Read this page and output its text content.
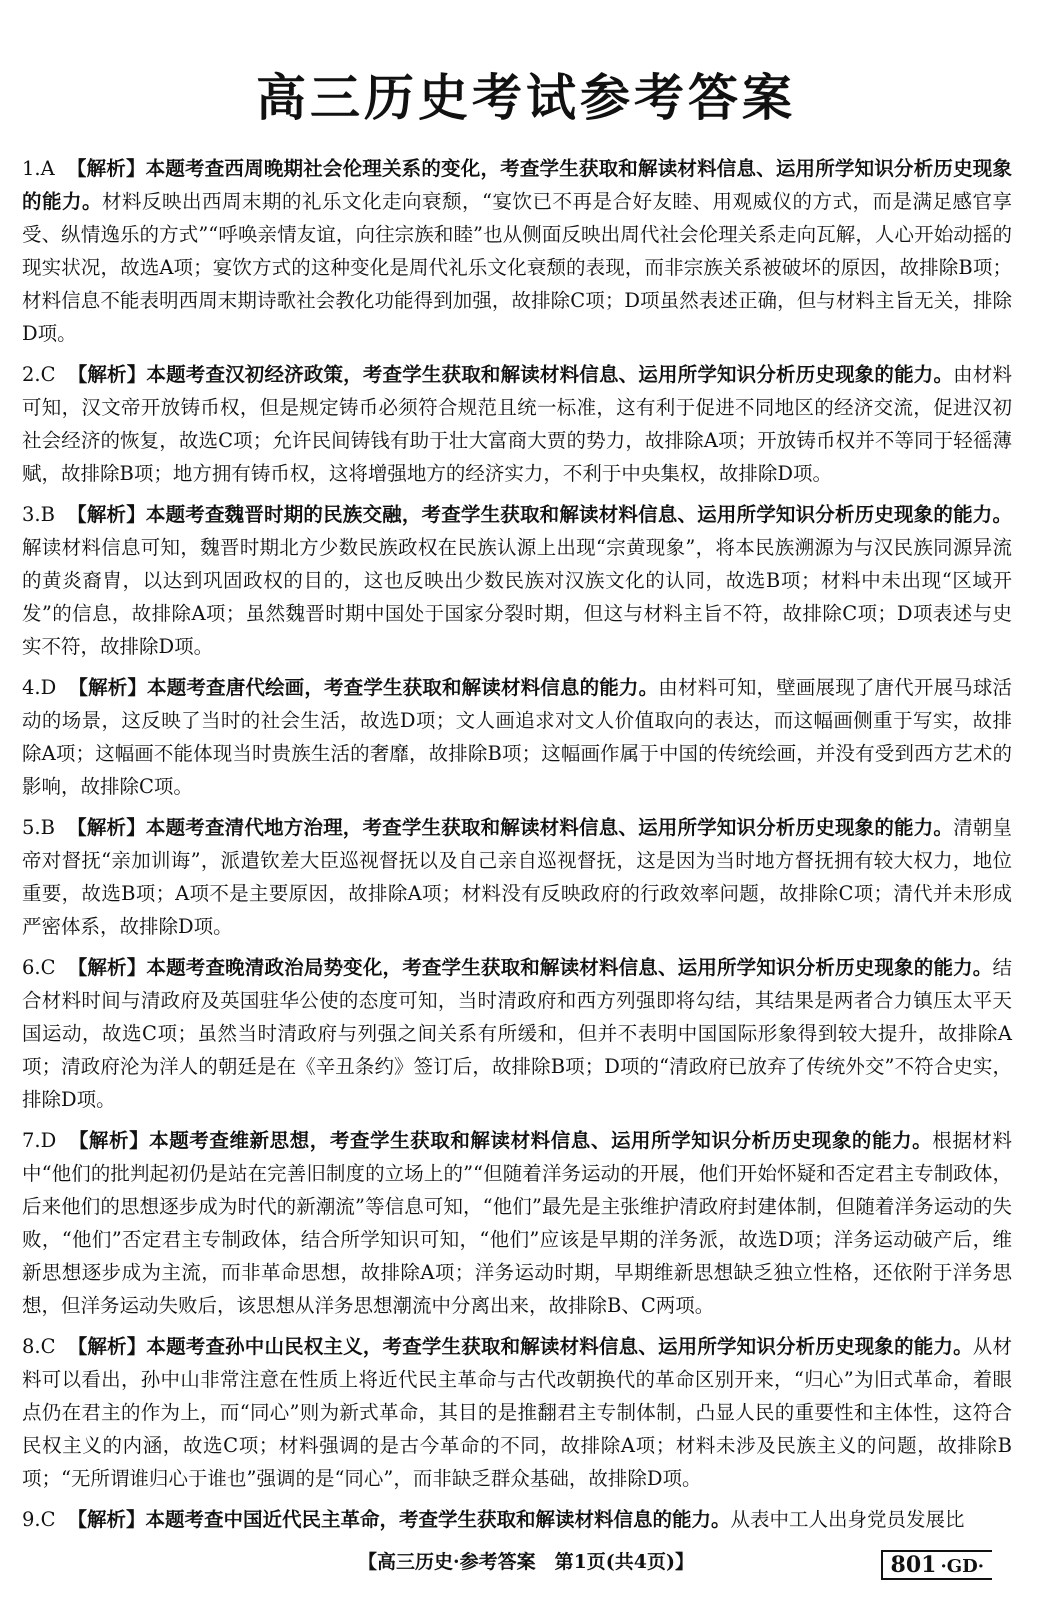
高三历史考试参考答案

1.A 【解析】本题考查西周晚期社会伦理关系的变化，考查学生获取和解读材料信息、运用所学知识分析历史现象的能力。材料反映出西周末期的礼乐文化走向衰颓，“宴饮已不再是合好友睦、用观威仪的方式，而是满足感官享受、纵情逸乐的方式”“呼唤亲情友谊，向往宗族和睦”也从侧面反映出周代社会伦理关系走向瓦解，人心开始动摇的现实状况，故选A项；宴饮方式的这种变化是周代礼乐文化衰颓的表现，而非宗族关系被破坏的原因，故排除B项；材料信息不能表明西周末期诗歌社会教化功能得到加强，故排除C项；D项虽然表述正确，但与材料主旨无关，排除D项。

2.C 【解析】本题考查汉初经济政策，考查学生获取和解读材料信息、运用所学知识分析历史现象的能力。由材料可知，汉文帝开放铸币权，但是规定铸币必须符合规范且统一标准，这有利于促进不同地区的经济交流，促进汉初社会经济的恢复，故选C项；允许民间铸钱有助于壮大富商大贾的势力，故排除A项；开放铸币权并不等同于轻徭薄赋，故排除B项；地方拥有铸币权，这将增强地方的经济实力，不利于中央集权，故排除D项。

3.B 【解析】本题考查魏晋时期的民族交融，考查学生获取和解读材料信息、运用所学知识分析历史现象的能力。解读材料信息可知，魏晋时期北方少数民族政权在民族认源上出现“宗黄现象”，将本民族溯源为与汉民族同源异流的黄炎裔胄，以达到巩固政权的目的，这也反映出少数民族对汉族文化的认同，故选B项；材料中未出现“区域开发”的信息，故排除A项；虽然魏晋时期中国处于国家分裂时期，但这与材料主旨不符，故排除C项；D项表述与史实不符，故排除D项。

4.D 【解析】本题考查唐代绘画，考查学生获取和解读材料信息的能力。由材料可知，壁画展现了唐代开展马球活动的场景，这反映了当时的社会生活，故选D项；文人画追求对文人价值取向的表达，而这幅画侧重于写实，故排除A项；这幅画不能体现当时贵族生活的奢靡，故排除B项；这幅画作属于中国的传统绘画，并没有受到西方艺术的影响，故排除C项。

5.B 【解析】本题考查清代地方治理，考查学生获取和解读材料信息、运用所学知识分析历史现象的能力。清朝皇帝对督抚“亲加训诲”，派遣钦差大臣巡视督抚以及自己亲自巡视督抚，这是因为当时地方督抚拥有较大权力，地位重要，故选B项；A项不是主要原因，故排除A项；材料没有反映政府的行政效率问题，故排除C项；清代并未形成严密体系，故排除D项。

6.C 【解析】本题考查晚清政治局势变化，考查学生获取和解读材料信息、运用所学知识分析历史现象的能力。结合材料时间与清政府及英国驻华公使的态度可知，当时清政府和西方列强即将勾结，其结果是两者合力镇压太平天国运动，故选C项；虽然当时清政府与列强之间关系有所缓和，但并不表明中国国际形象得到较大提升，故排除A项；清政府沦为洋人的朝廷是在《辛丑条约》签订后，故排除B项；D项的“清政府已放弃了传统外交”不符合史实，排除D项。

7.D 【解析】本题考查维新思想，考查学生获取和解读材料信息、运用所学知识分析历史现象的能力。根据材料中“他们的批判起初仍是站在完善旧制度的立场上的”“但随着洋务运动的开展，他们开始怀疑和否定君主专制政体，后来他们的思想逐步成为时代的新潮流”等信息可知，“他们”最先是主张维护清政府封建体制，但随着洋务运动的失败，“他们”否定君主专制政体，结合所学知识可知，“他们”应该是早期的洋务派，故选D项；洋务运动破产后，维新思想逐步成为主流，而非革命思想，故排除A项；洋务运动时期，早期维新思想缺乏独立性格，还依附于洋务思想，但洋务运动失败后，该思想从洋务思想潮流中分离出来，故排除B、C两项。

8.C 【解析】本题考查孙中山民权主义，考查学生获取和解读材料信息、运用所学知识分析历史现象的能力。从材料可以看出，孙中山非常注意在性质上将近代民主革命与古代改朝换代的革命区别开来，“归心”为旧式革命，着眼点仍在君主的作为上，而“同心”则为新式革命，其目的是推翻君主专制体制，凸显人民的重要性和主体性，这符合民权主义的内涵，故选C项；材料强调的是古今革命的不同，故排除A项；材料未涉及民族主义的问题，故排除B项；“无所谓谁归心于谁也”强调的是“同心”，而非缺乏群众基础，故排除D项。

9.C 【解析】本题考查中国近代民主革命，考查学生获取和解读材料信息的能力。从表中工人出身党员发展比

【高三历史·参考答案　第1页(共4页)】	801 ·GD·
